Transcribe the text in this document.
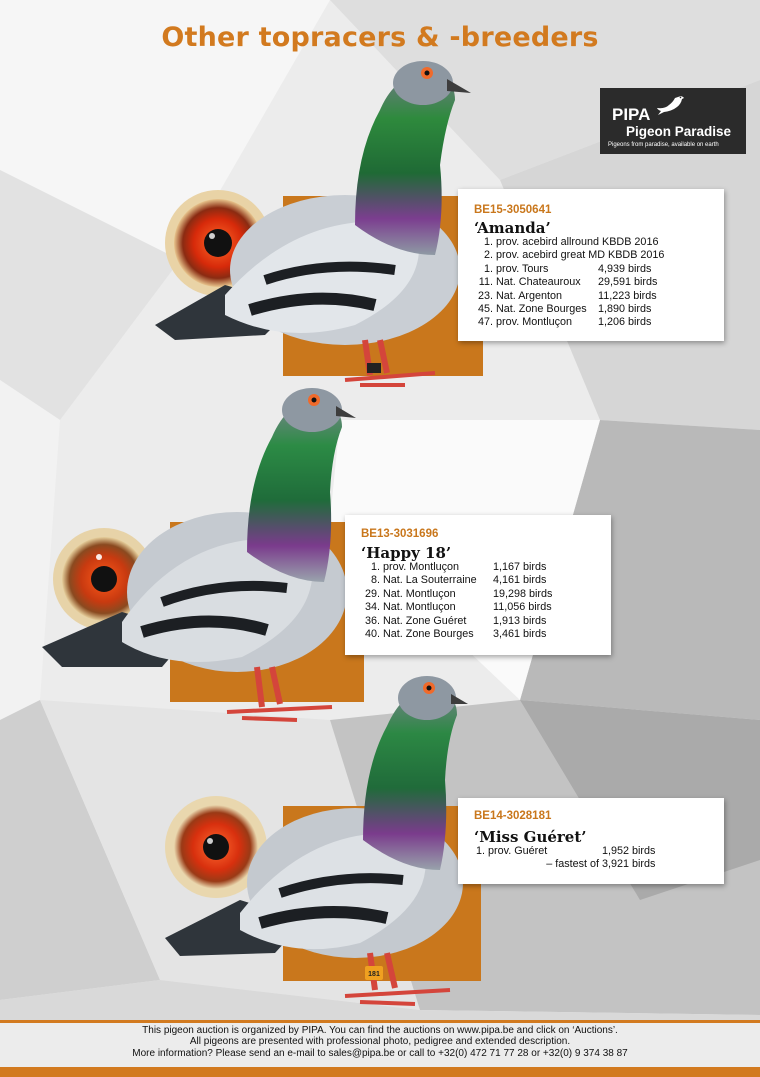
Other topracers & -breeders
PIPA
Pigeon Paradise
Pigeons from paradise, available on earth
BE15-3050641
‘Amanda’
1.	prov. acebird allround KBDB 2016	
2.	prov. acebird great MD KBDB 2016	
1.	prov. Tours	4,939 birds
11.	Nat. Chateauroux	29,591 birds
23.	Nat. Argenton	11,223 birds
45.	Nat. Zone Bourges	1,890 birds
47.	prov. Montluçon	1,206 birds
BE13-3031696
‘Happy 18’
1.	prov. Montluçon	1,167 birds
8.	Nat. La Souterraine	4,161 birds
29.	Nat. Montluçon	19,298 birds
34.	Nat. Montluçon	11,056 birds
36.	Nat. Zone Guéret	1,913 birds
40.	Nat. Zone Bourges	3,461 birds
181
BE14-3028181
‘Miss Guéret’
1.	prov. Guéret	1,952 birds
– fastest of 3,921 birds
This pigeon auction is organized by PIPA. You can find the auctions on www.pipa.be and click on ‘Auctions’.
All pigeons are presented with professional photo, pedigree and extended description.
More information? Please send an e-mail to sales@pipa.be or call to +32(0) 472 71 77 28 or +32(0) 9 374 38 87
